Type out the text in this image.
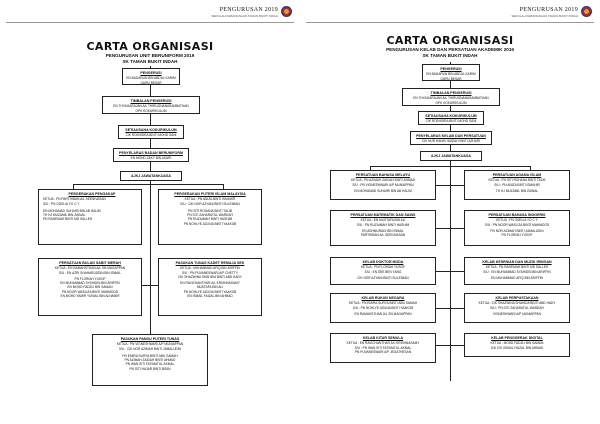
PENGURUSAN 2019
SEKOLAH KEBANGSAAN TAMAN BUKIT INDAH
CARTA ORGANISASI
PENGURUSAN UNIT BERUNIFORM 2019
SK TAMAN BUKIT INDAH
PENGERUSI
EN BADARUN BIN ABDUL KARIM
GURU BESAR
TIMBALAN PENGERUSI
EN THYAGARAJAN A/L THIRUGNANASAMBATHAN
GPK KOKURIKULUM
SETIAUSAHA KOKURIKULUM
CIK ROSHIDRA BINTI MOHD SANI
PENYELARAS BADAN BERUNIFORM
EN MOHD ZAKY BIN ASARI
AJKJ JAWATANKUASA
PERGERAKAN PENGAKAP
KETUA : PN PARTHIBAN A/L SEENIVASAN
S/U : PN ODELIA YO C Y
EN MOHAMAD SUHAIRI BIN AB HALIM
TH HJ MUZAMIL BIN ZAINAL
PN RAHEMAH BINTI MD SALLEH
PERGERAKAN PUTERI ISLAM MALAYSIA
KETUA : PN ANIZA BINTI ISMAHIR
S/U : CIK NOR AZYANI BINTI SULEIMAN
PN SITI ROHANA BINTI TALIB
PN SITI ZAHARATUL WARDAH
PN RUZAIMAH BINTI HASHIM
PN NOHLYE AZLINA BINTI YAAKOB
PERSATUAN BULAN SABIT MERAH
KETUA : EN RAMAHSTHAN A/L SN MAGAPPAN
S/U : EN AZRI SHAHARUDDIN BIN ISMAIL
PN FLORIAH YUSOF
EN MUHAMMAD SYAHIDIN BIN ARIFFIN
EN MOHD FADZLI BIN SAMAN
PN NOOR WASLIZA BINTI MAHMOOD
EN MOHD YAMIR YUNIAL BIN ALHAMIR
PASUKAN TUNAS KADET REMAJA SEK
KETUA : MUHAMMAD AFIQ BIN ARIFFIN
S/U : PN PUVANESWARI A/P CHETTY
CIK SHAZWINA SHAHIDA BINTI ABD HADY
EN RAVICHANTHAR A/L KRISHNASAMY
MUSTAFA BIN ALI
PN NOHLYE AZLINA BINTI YAAKOB
EN ISMAIL FAIZAL BIN AHMAD
PASUKAN PANDU PUTERI TUNAS
KETUA : PN VIGNESHWARI A/P MUNIAPPAN
S/U : CIK NOR AZIMAH BINTI JAMALUDIN
PN EMIRA SURYA BINTI ABU SAMAH
PN AZIMAH ZAIDAH BINTI AHMAD
PN WAN SITI FATIMATUL AKMAL
PN SITI HAJAR BINTI BIDIN
PENGURUSAN 2019
SEKOLAH KEBANGSAAN TAMAN BUKIT INDAH
CARTA ORGANISASI
PENGURUSAN KELAB DAN PERSATUAN AKADEMIK 2019
SK TAMAN BUKIT INDAH
PENGERUSI
EN BADARUN BIN ABDUL KARIM
GURU BESAR
TIMBALAN PENGERUSI
EN THYAGARAJAN A/L THIRUGNANASAMBATHAN
GPK KOKURIKULUM
SETIAUSAHA KOKURIKULUM
CIK ROSHIDRA BINTI MOHD SANI
PENYELARAS KELAB DAN PERSATUAN
CIK NUR HANIS HAIDAH BINTI AZHARI
AJKJ JAWATANKUASA
PERSATUAN BAHASA MELAYU
KETUA : PN AZIMAH ZAIDAH BINTI AHMAD
S/U : PN VIGNESHWARI A/P MUNIAPPAN
EN MOHAMAD SUHAIRI BIN AB HALIM
PERSATUAN AGAMA ISLAM
KETUA : PN SITI ROHANA BINTI TALIB
S/U : PN ANIZA BINTI ISMAHIR
TH HJ MUZAMIL BIN ZAINAL
PERSATUAN MATEMATIK DAN SAINS
KETUA : EN MUSTAFA BIN ALI
S/U : PN RUZAIMAH BINTI HASHIM
EN ASHMURADI BIN ISMAIL
PARTHIBAN A/L SEENIVASAN
PERSATUAN BAHASA INGGERIS
KETUA : PN ODELIA YO C Y
S/U : PN NOOR WASLIZA BINTI MAHMOOD
PN NOR AZIMAH BINTI JAMALUDIN
PN FLORIAH YUSOF
KELAB DOKTOR MUDA
KETUA : PN FLORIAH YUSOF
S/U : EN SEE BEN YANG
CIK NOR AZYANI BINTI SULEIMAN
KELAB KESENIAN DAN MUZIK IRINGAN
KETUA : PN RAHEMAH BINTI MD SALLEH
S/U : EN MUHAMMAD SYAHIDIN BIN ARIFFIN
EN MUHAMMAD AFIQ BIN ARIFFIN
KELAB RUKUN NEGARA
KETUA : PN EMIRA SURYA BINTI ABU SAMAH
S/U : PN NOHLYE AZLINA BINTI YAAKOB
EN RAMAHSTHAN A/L SN MAGAPPAN
KELAB PERPUSTAKAAN
KETUA : CIK SHAZWINA SHAHIDA BINTI ABD HADY
S/U : PN SITI ZAHARATUL WARDAH
VIGNESHWARI A/P MUNIAPPAN
KELAB KITAR SEMULA
KETUA : EN RAVICHANTHAR A/L KRISHNASAMY
S/U : PN WAN SITI FATIMATUL AKMAL
PN PUVANESWARI A/P JEGATHESAN
KELAB PENGGERAK DIGITAL
KETUA : MOHD FADZLI BIN SAMAN
S/U CIK ISMAIL FAIZAL BIN AHMAD
